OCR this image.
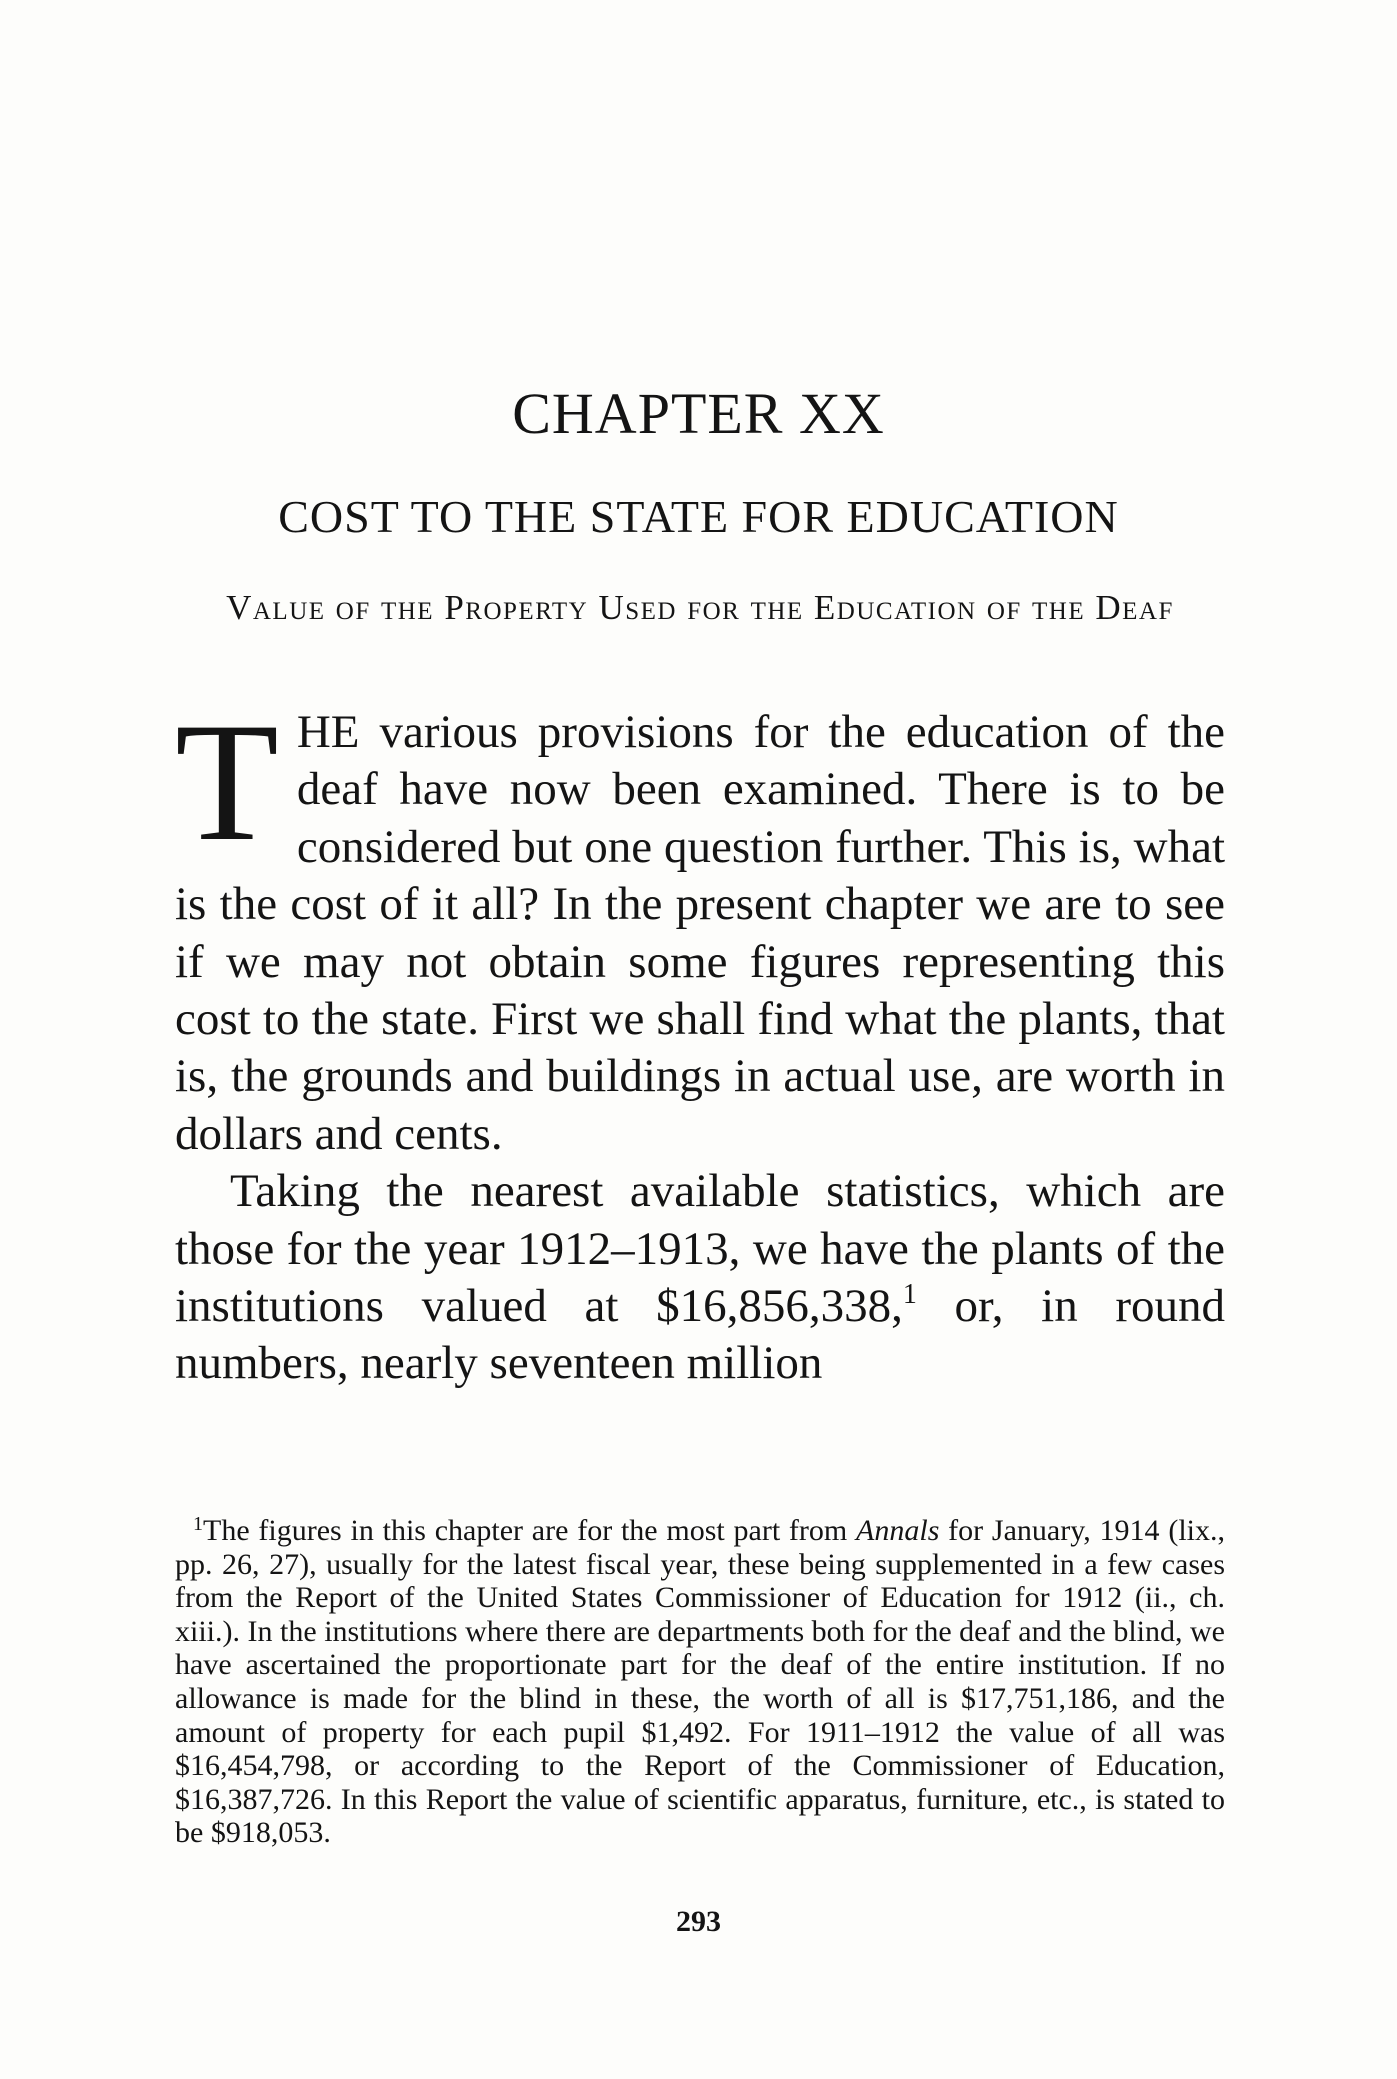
CHAPTER XX
COST TO THE STATE FOR EDUCATION
Value of the Property Used for the Education of the Deaf

THE various provisions for the education of the deaf have now been examined. There is to be considered but one question further. This is, what is the cost of it all? In the present chapter we are to see if we may not obtain some figures representing this cost to the state. First we shall find what the plants, that is, the grounds and buildings in actual use, are worth in dollars and cents.

Taking the nearest available statistics, which are those for the year 1912–1913, we have the plants of the institutions valued at $16,856,338,$^1$ or, in round numbers, nearly seventeen million

$^1$The figures in this chapter are for the most part from Annals for January, 1914 (lix., pp. 26, 27), usually for the latest fiscal year, these being supplemented in a few cases from the Report of the United States Commissioner of Education for 1912 (ii., ch. xiii.). In the institutions where there are departments both for the deaf and the blind, we have ascertained the proportionate part for the deaf of the entire institution. If no allowance is made for the blind in these, the worth of all is $17,751,186, and the amount of property for each pupil $1,492. For 1911–1912 the value of all was $16,454,798, or according to the Report of the Commissioner of Education, $16,387,726. In this Report the value of scientific apparatus, furniture, etc., is stated to be $918,053.

293
